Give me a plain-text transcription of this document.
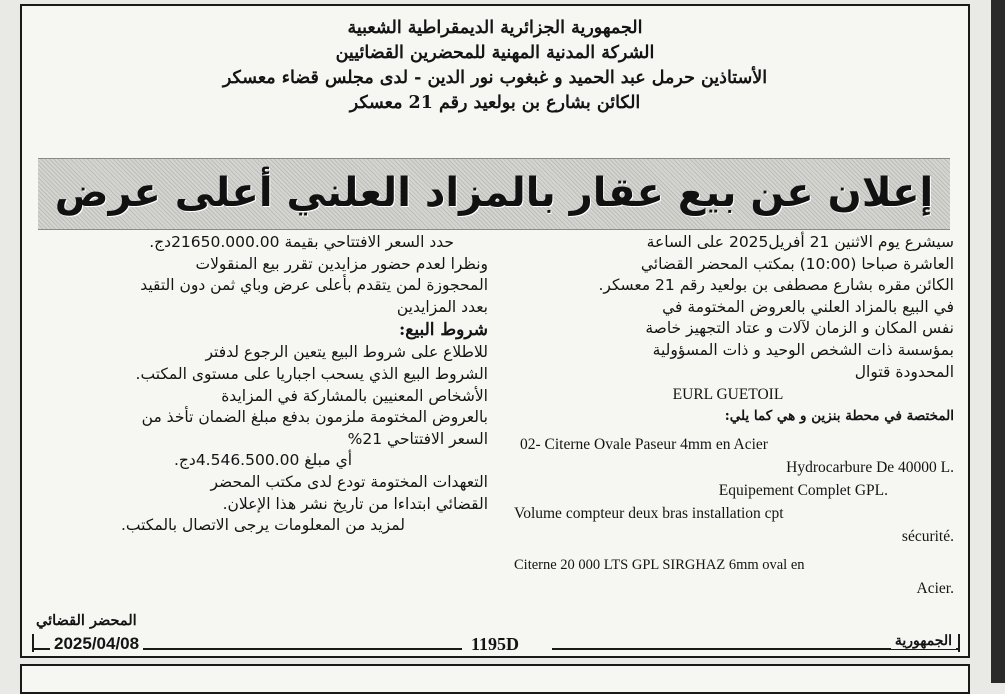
الجمهورية الجزائرية الديمقراطية الشعبية
الشركة المدنية المهنية للمحضرين القضائيين
الأستاذين حرمل عبد الحميد و غبغوب نور الدين - لدى مجلس قضاء معسكر
الكائن بشارع بن بولعيد رقم 21 معسكر
إعلان عن بيع عقار بالمزاد العلني أعلى عرض
سيشرع يوم الاثنين 21 أفريل2025 على الساعة
العاشرة صباحا (10:00) بمكتب المحضر القضائي
الكائن مقره بشارع مصطفى بن بولعيد رقم 21 معسكر.
في البيع بالمزاد العلني بالعروض المختومة في
نفس المكان و الزمان لآلات و عتاد التجهيز خاصة
بمؤسسة ذات الشخص الوحيد و ذات المسؤولية
المحدودة قتوال
EURL GUETOIL
المختصة في محطة بنزين و هي كما يلي:
02- Citerne Ovale Paseur 4mm en Acier
Hydrocarbure De 40000 L.
Equipement Complet GPL.
Volume compteur deux bras installation cpt
sécurité.
Citerne 20 000 LTS GPL SIRGHAZ 6mm oval en
Acier.
حدد السعر الافتتاحي بقيمة 21650.000.00دج.
ونظرا لعدم حضور مزايدين تقرر بيع المنقولات
المحجوزة لمن يتقدم بأعلى عرض وباي ثمن دون التقيد
بعدد المزايدين
شروط البيع:
للاطلاع على شروط البيع يتعين الرجوع لدفتر
الشروط البيع الذي يسحب اجباريا على مستوى المكتب.
الأشخاص المعنيين بالمشاركة في المزايدة
بالعروض المختومة ملزمون بدفع مبلغ الضمان تأخذ من
السعر الافتتاحي 21%
أي مبلغ 4.546.500.00دج.
التعهدات المختومة تودع لدى مكتب المحضر
القضائي ابتداءا من تاريخ نشر هذا الإعلان.
لمزيد من المعلومات يرجى الاتصال بالمكتب.
المحضر القضائي
2025/04/08	1195D	الجمهورية
